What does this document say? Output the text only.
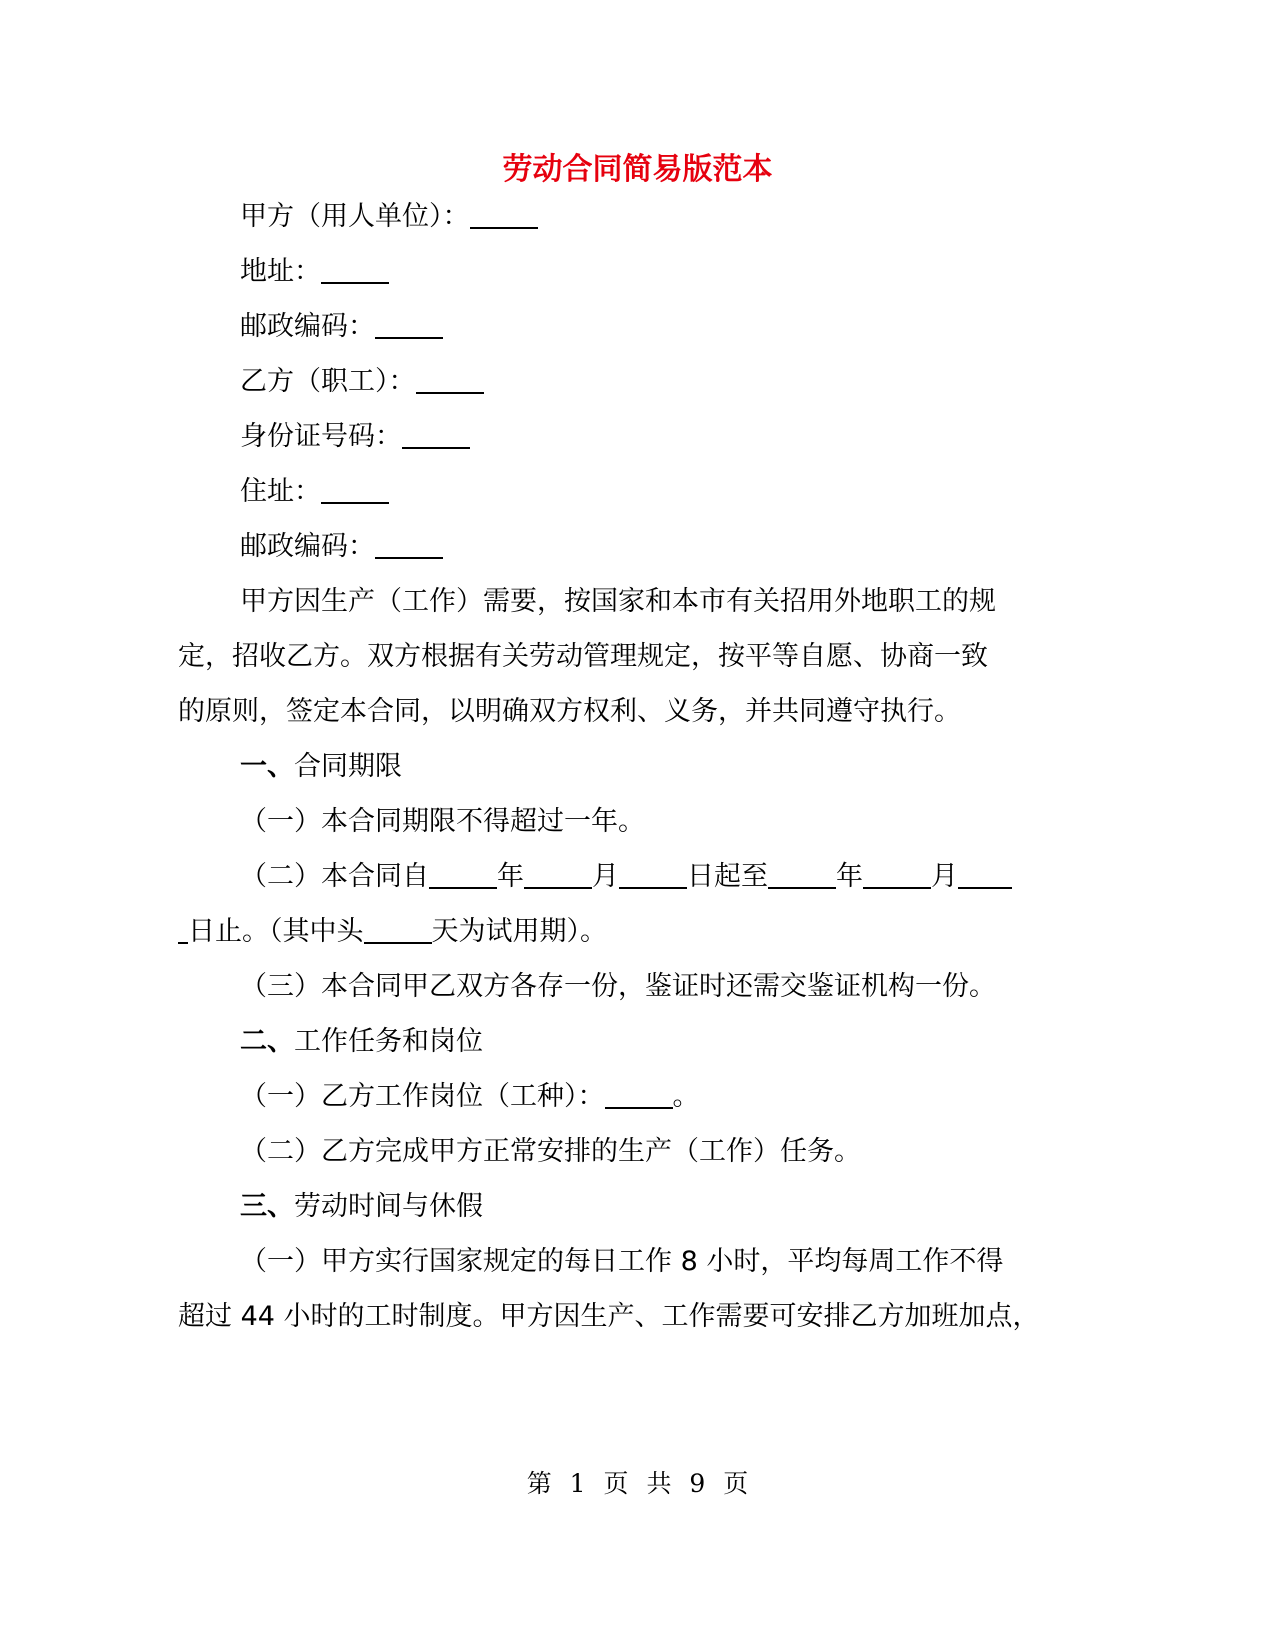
劳动合同简易版范本
甲方（用人单位）：
地址：
邮政编码：
乙方（职工）：
身份证号码：
住址：
邮政编码：
甲方因生产（工作）需要，按国家和本市有关招用外地职工的规
定，招收乙方。双方根据有关劳动管理规定，按平等自愿、协商一致
的原则，签定本合同，以明确双方权利、义务，并共同遵守执行。
一、合同期限
（一）本合同期限不得超过一年。
（二）本合同自	年	月	日起至	年	月
日止。（其中头	天为试用期）。
（三）本合同甲乙双方各存一份，鉴证时还需交鉴证机构一份。
二、工作任务和岗位
（一）乙方工作岗位（工种）：	。
（二）乙方完成甲方正常安排的生产（工作）任务。
三、劳动时间与休假
（一）甲方实行国家规定的每日工作 8 小时，平均每周工作不得
超过 44 小时的工时制度。甲方因生产、工作需要可安排乙方加班加点，
第 1 页 共 9 页
